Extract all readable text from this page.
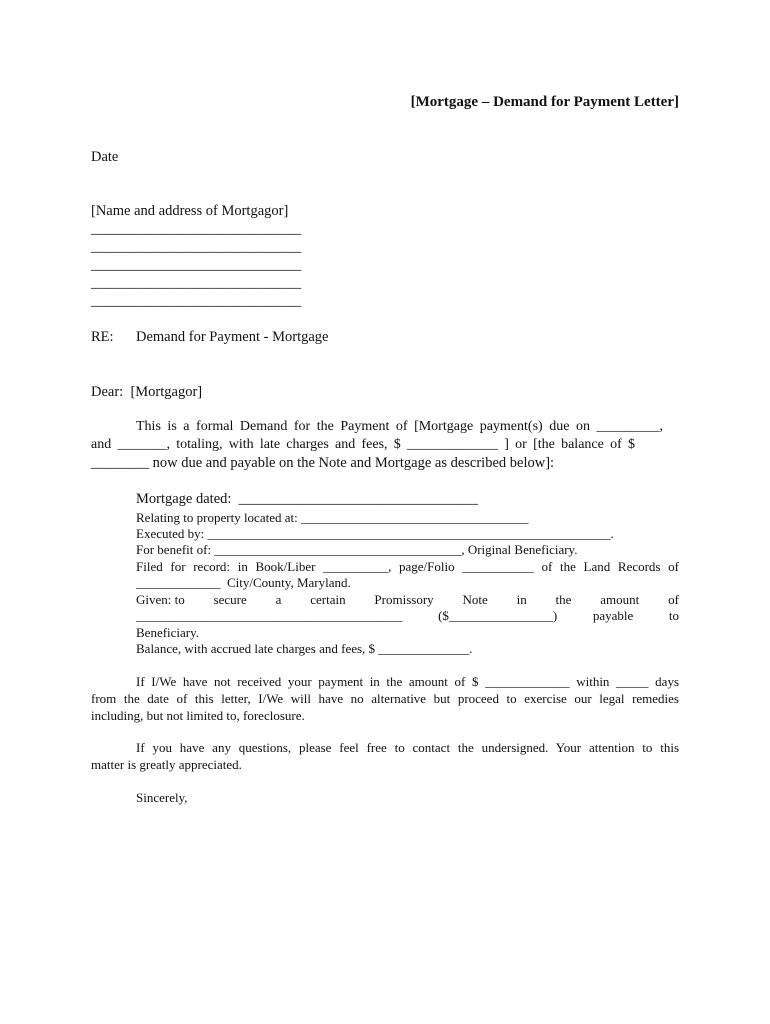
[Mortgage – Demand for Payment Letter]
Date
[Name and address of Mortgagor]
_____________________________
_____________________________
_____________________________
_____________________________
_____________________________
RE: Demand for Payment - Mortgage
Dear:  [Mortgagor]
This is a formal Demand for the Payment of [Mortgage payment(s) due on _________,
and _______, totaling, with late charges and fees, $ _____________ ] or [the balance of $
________ now due and payable on the Note and Mortgage as described below]:
Mortgage dated:  _________________________________
Relating to property located at: ___________________________________
Executed by: ______________________________________________________________.
For benefit of: ______________________________________, Original Beneficiary.
Filed for record: in Book/Liber __________, page/Folio ___________ of the Land Records of
_____________  City/County, Maryland.
Given: to secure a certain Promissory Note in the amount of
_________________________________________	($________________)	payable	to
Beneficiary.
Balance, with accrued late charges and fees, $ ______________.
If I/We have not received your payment in the amount of $ _____________ within _____ days
from the date of this letter, I/We will have no alternative but proceed to exercise our legal remedies
including, but not limited to, foreclosure.
If you have any questions, please feel free to contact the undersigned. Your attention to this
matter is greatly appreciated.
Sincerely,
